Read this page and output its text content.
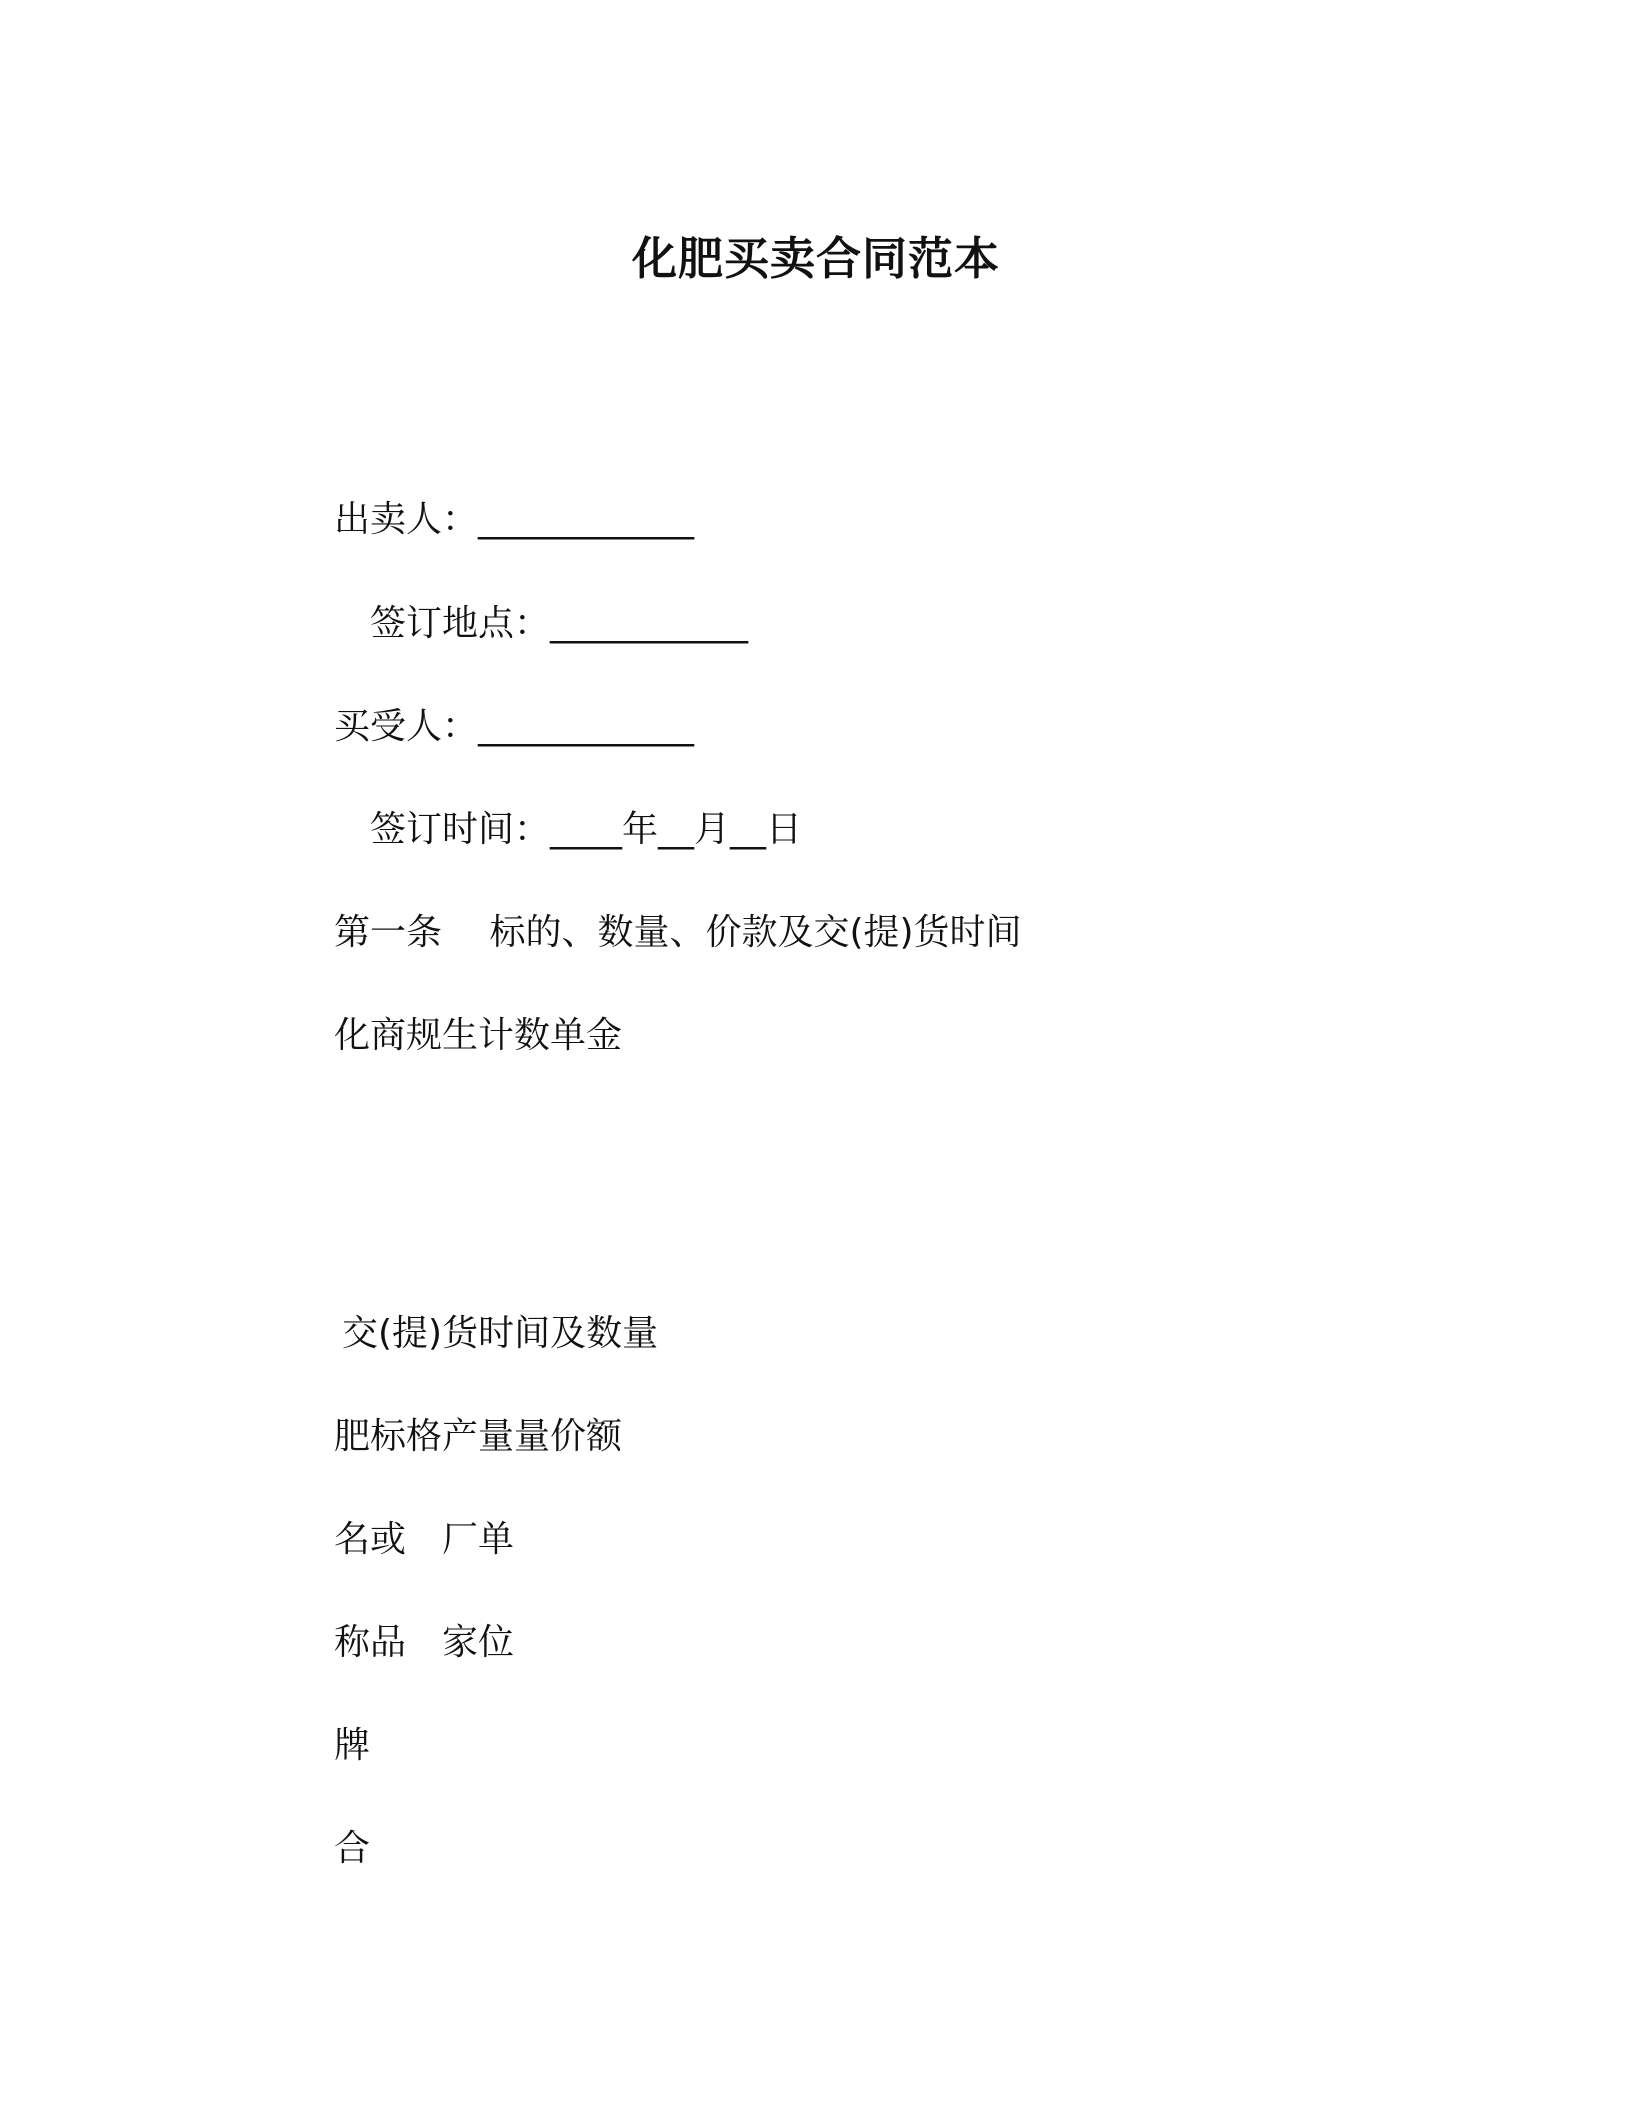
化肥买卖合同范本
出卖人：____________
签订地点：___________
买受人：____________
签订时间：____年__月__日
第一条　 标的、数量、价款及交(提)货时间
化商规生计数单金
交(提)货时间及数量
肥标格产量量价额
名或　厂单
称品　家位
牌
合
